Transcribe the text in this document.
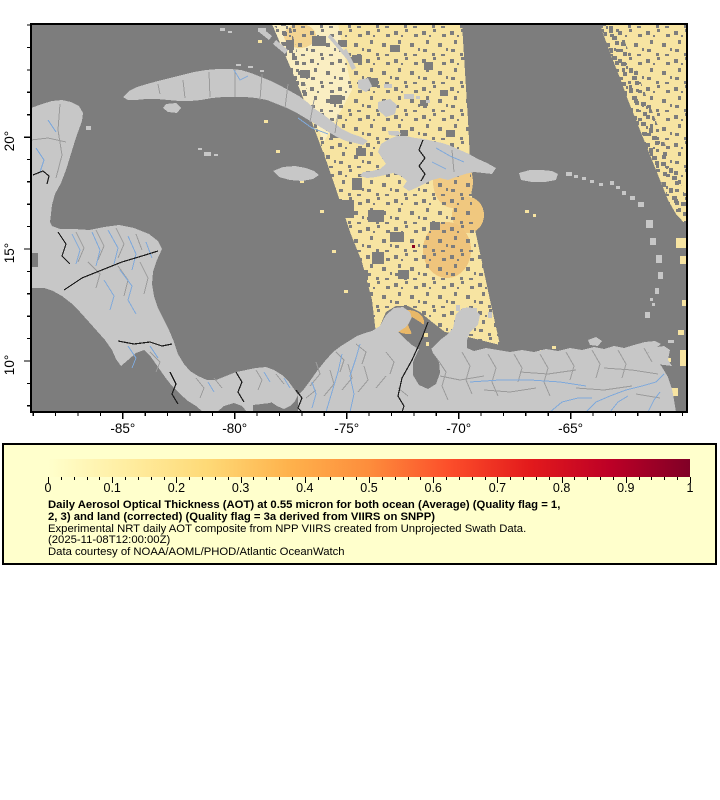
-85°	-80°	-75°	-70°	-65°
20°
15°
10°
0	0.1	0.2	0.3	0.4	0.5	0.6	0.7	0.8	0.9	1
Daily Aerosol Optical Thickness (AOT) at 0.55 micron for both ocean (Average) (Quality flag = 1,
2, 3) and land (corrected) (Quality flag = 3a derived from VIIRS on SNPP)
Experimental NRT daily AOT composite from NPP VIIRS created from Unprojected Swath Data.
(2025-11-08T12:00:00Z)
Data courtesy of NOAA/AOML/PHOD/Atlantic OceanWatch
